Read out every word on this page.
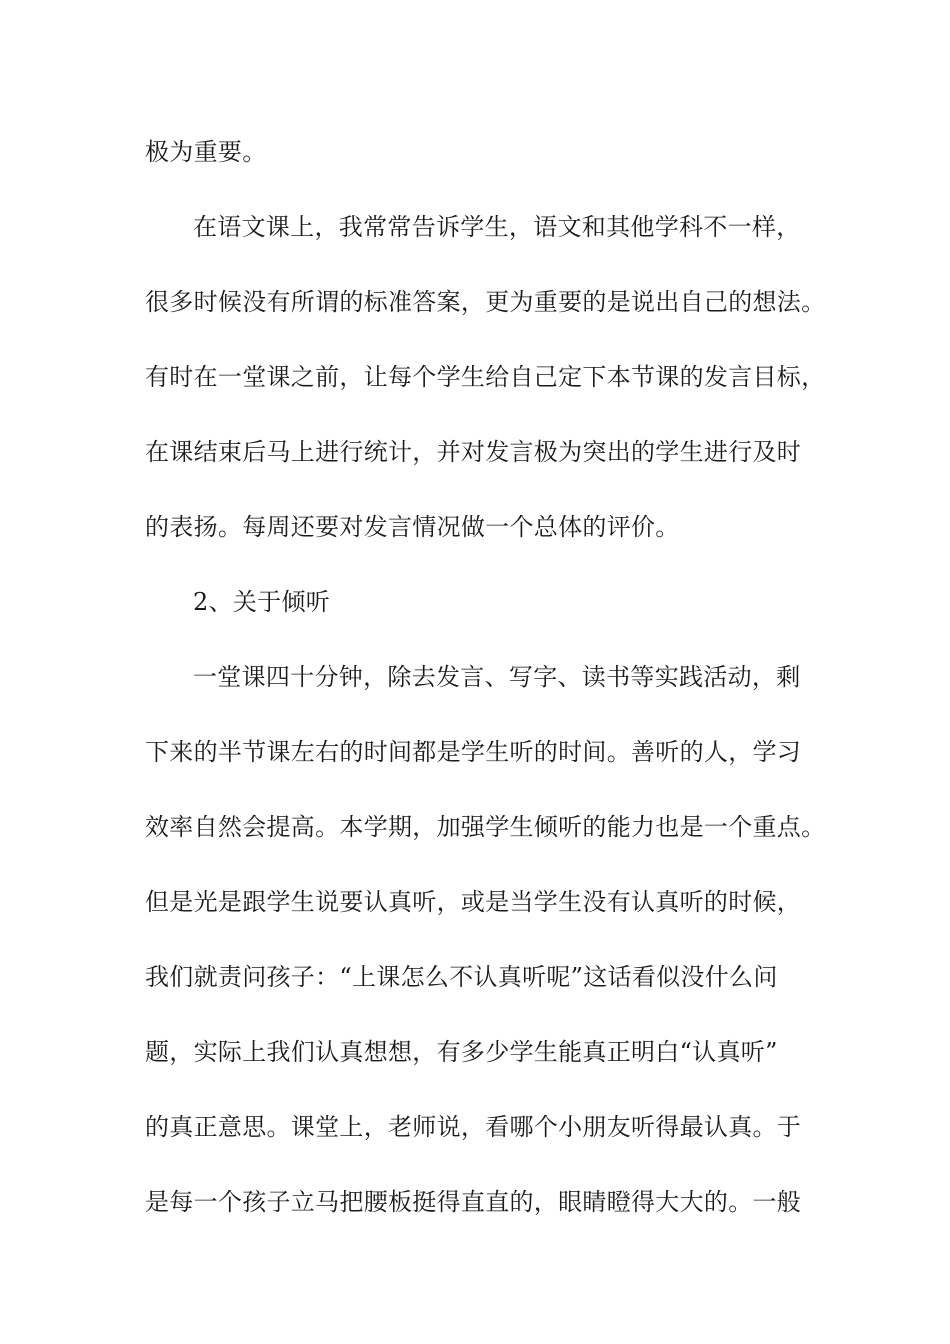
极为重要。
在语文课上，我常常告诉学生，语文和其他学科不一样，
很多时候没有所谓的标准答案，更为重要的是说出自己的想法。
有时在一堂课之前，让每个学生给自己定下本节课的发言目标，
在课结束后马上进行统计，并对发言极为突出的学生进行及时
的表扬。每周还要对发言情况做一个总体的评价。
2、关于倾听
一堂课四十分钟，除去发言、写字、读书等实践活动，剩
下来的半节课左右的时间都是学生听的时间。善听的人，学习
效率自然会提高。本学期，加强学生倾听的能力也是一个重点。
但是光是跟学生说要认真听，或是当学生没有认真听的时候，
我们就责问孩子：“上课怎么不认真听呢”这话看似没什么问
题，实际上我们认真想想，有多少学生能真正明白“认真听”
的真正意思。课堂上，老师说，看哪个小朋友听得最认真。于
是每一个孩子立马把腰板挺得直直的，眼睛瞪得大大的。一般
